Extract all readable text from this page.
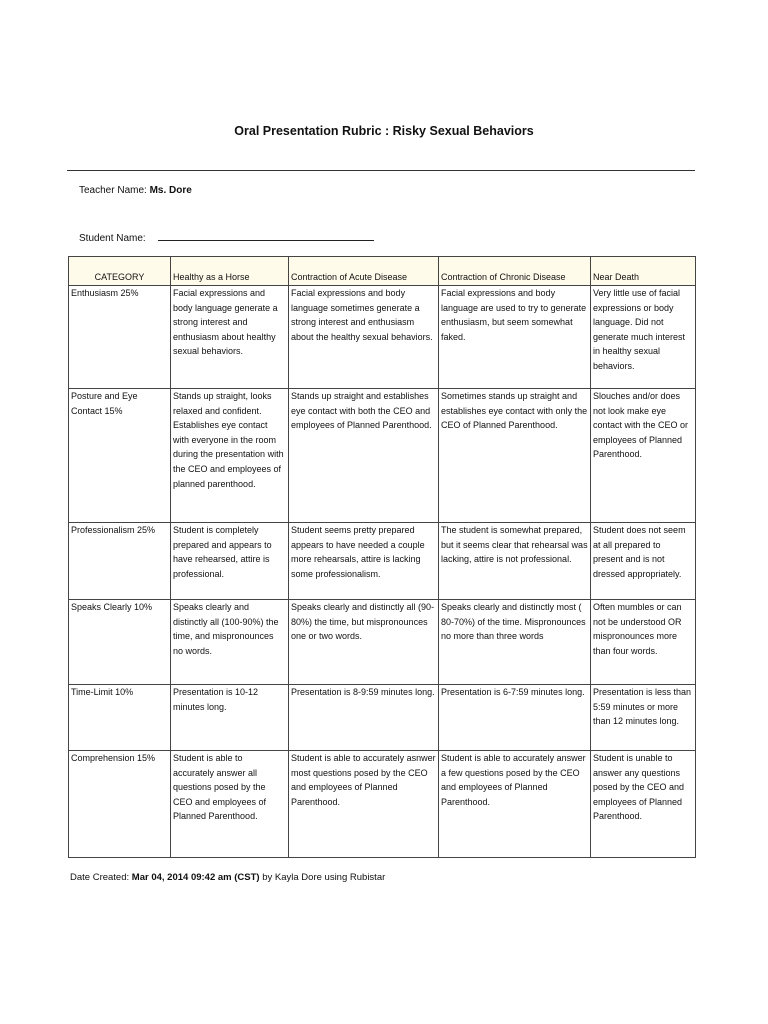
Oral Presentation Rubric : Risky Sexual Behaviors
Teacher Name: Ms. Dore
Student Name:
CATEGORY	Healthy as a Horse	Contraction of Acute Disease	Contraction of Chronic Disease	Near Death
Enthusiasm 25%	Facial expressions and body language generate a strong interest and enthusiasm about healthy sexual behaviors.	Facial expressions and body language sometimes generate a strong interest and enthusiasm about the healthy sexual behaviors.	Facial expressions and body language are used to try to generate enthusiasm, but seem somewhat faked.	Very little use of facial expressions or body language. Did not generate much interest in healthy sexual behaviors.
Posture and Eye Contact 15%	Stands up straight, looks relaxed and confident. Establishes eye contact with everyone in the room during the presentation with the CEO and employees of planned parenthood.	Stands up straight and establishes eye contact with both the CEO and employees of Planned Parenthood.	Sometimes stands up straight and establishes eye contact with only the CEO of Planned Parenthood.	Slouches and/or does not look make eye contact with the CEO or employees of Planned Parenthood.
Professionalism 25%	Student is completely prepared and appears to have rehearsed, attire is professional.	Student seems pretty prepared appears to have needed a couple more rehearsals, attire is lacking some professionalism.	The student is somewhat prepared, but it seems clear that rehearsal was lacking, attire is not professional.	Student does not seem at all prepared to present and is not dressed appropriately.
Speaks Clearly 10%	Speaks clearly and distinctly all (100-90%) the time, and mispronounces no words.	Speaks clearly and distinctly all (90-80%) the time, but mispronounces one or two words.	Speaks clearly and distinctly most ( 80-70%) of the time. Mispronounces no more than three words	Often mumbles or can not be understood OR mispronounces more than four words.
Time-Limit 10%	Presentation is 10-12 minutes long.	Presentation is 8-9:59 minutes long.	Presentation is 6-7:59 minutes long.	Presentation is less than 5:59 minutes or more than 12 minutes long.
Comprehension 15%	Student is able to accurately answer all questions posed by the CEO and employees of Planned Parenthood.	Student is able to accurately asnwer most questions posed by the CEO and employees of Planned Parenthood.	Student is able to accurately answer a few questions posed by the CEO and employees of Planned Parenthood.	Student is unable to answer any questions posed by the CEO and employees of Planned Parenthood.
Date Created: Mar 04, 2014 09:42 am (CST) by Kayla Dore using Rubistar
